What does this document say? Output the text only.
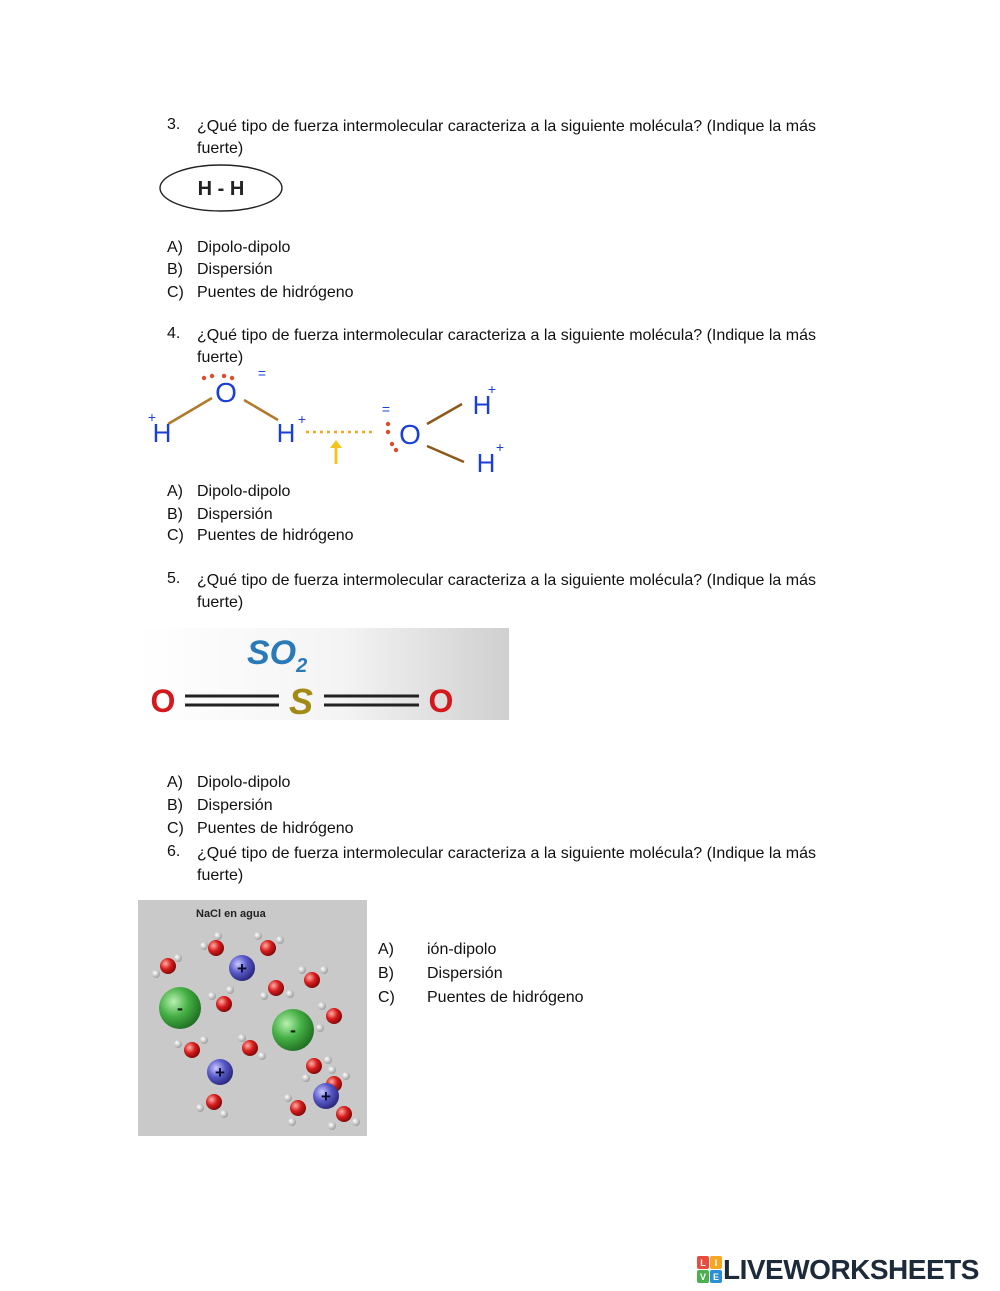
3.	¿Qué tipo de fuerza intermolecular caracteriza a la siguiente molécula? (Indique la más
fuerte)
H - H
A) Dipolo-dipolo
B) Dispersión
C) Puentes de hidrógeno
4.	¿Qué tipo de fuerza intermolecular caracteriza a la siguiente molécula? (Indique la más
fuerte)
O
=
H
+
H +	O
=	H
+
H
+
A) Dipolo-dipolo
B) Dispersión
C) Puentes de hidrógeno
5.	¿Qué tipo de fuerza intermolecular caracteriza a la siguiente molécula? (Indique la más
fuerte)
$SO_2$
O	S	O
A) Dipolo-dipolo
B) Dispersión
C) Puentes de hidrógeno
6.	¿Qué tipo de fuerza intermolecular caracteriza a la siguiente molécula? (Indique la más
fuerte)
NaCl en agua
-
-
+
+
+
A) ión-dipolo
B) Dispersión
C) Puentes de hidrógeno
L I
V E LIVEWORKSHEETS
